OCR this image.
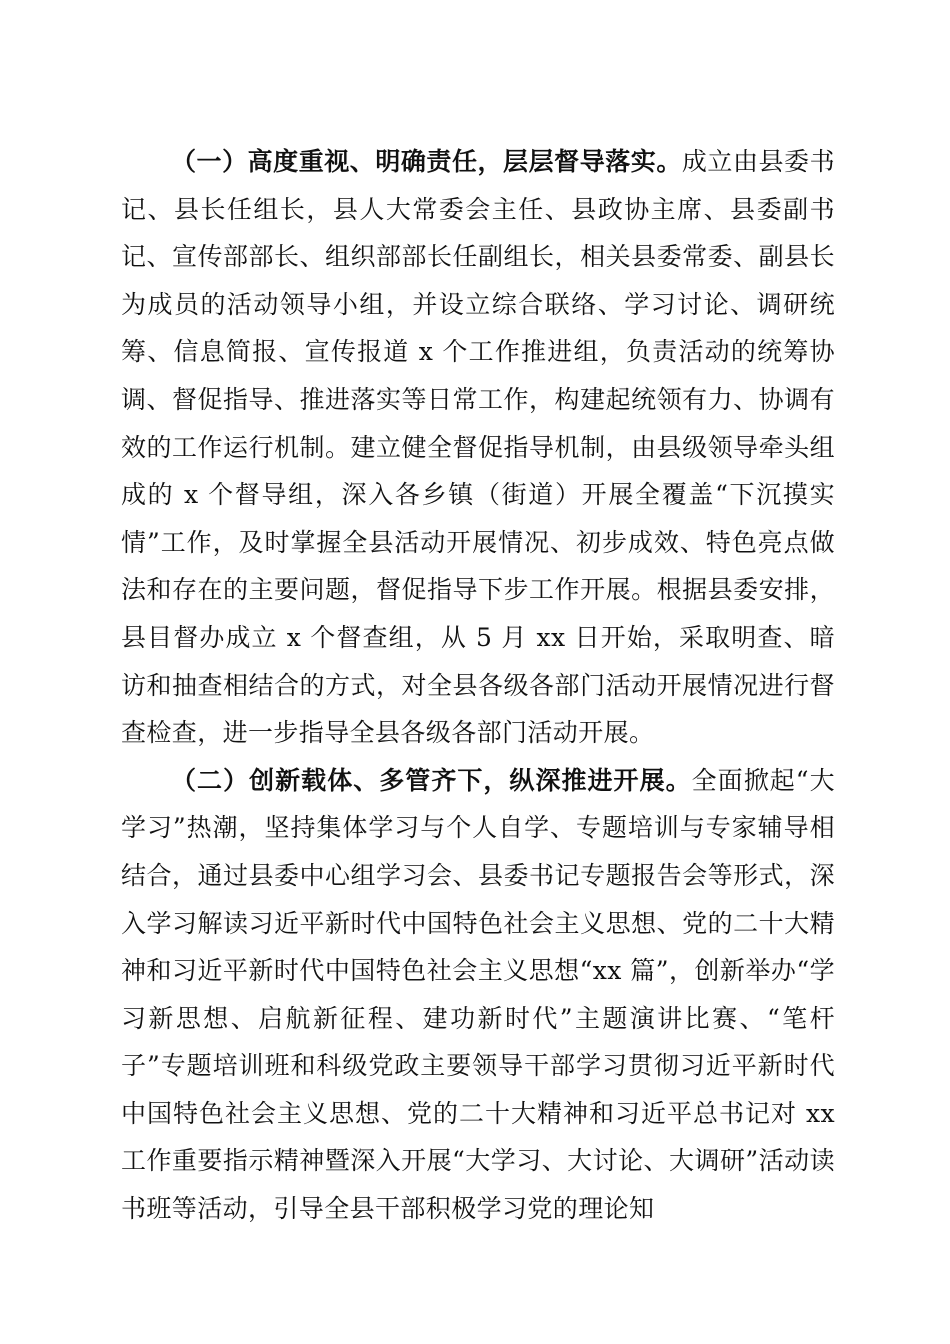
（一）高度重视、明确责任，层层督导落实。成立由县委书记、县长任组长，县人大常委会主任、县政协主席、县委副书记、宣传部部长、组织部部长任副组长，相关县委常委、副县长为成员的活动领导小组，并设立综合联络、学习讨论、调研统筹、信息简报、宣传报道 x 个工作推进组，负责活动的统筹协调、督促指导、推进落实等日常工作，构建起统领有力、协调有效的工作运行机制。建立健全督促指导机制，由县级领导牵头组成的 x 个督导组，深入各乡镇（街道）开展全覆盖“下沉摸实情”工作，及时掌握全县活动开展情况、初步成效、特色亮点做法和存在的主要问题，督促指导下步工作开展。根据县委安排，县目督办成立 x 个督查组，从 5 月 xx 日开始，采取明查、暗访和抽查相结合的方式，对全县各级各部门活动开展情况进行督查检查，进一步指导全县各级各部门活动开展。

（二）创新载体、多管齐下，纵深推进开展。全面掀起“大学习”热潮，坚持集体学习与个人自学、专题培训与专家辅导相结合，通过县委中心组学习会、县委书记专题报告会等形式，深入学习解读习近平新时代中国特色社会主义思想、党的二十大精神和习近平新时代中国特色社会主义思想“xx 篇”，创新举办“学习新思想、启航新征程、建功新时代”主题演讲比赛、“笔杆子”专题培训班和科级党政主要领导干部学习贯彻习近平新时代中国特色社会主义思想、党的二十大精神和习近平总书记对 xx 工作重要指示精神暨深入开展“大学习、大讨论、大调研”活动读书班等活动，引导全县干部积极学习党的理论知
